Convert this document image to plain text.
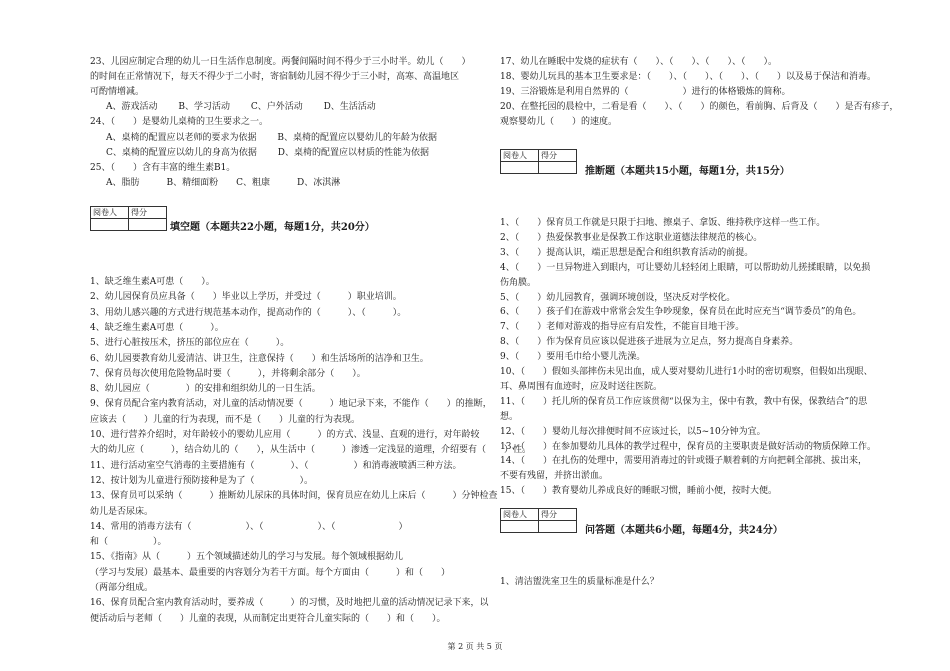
23、儿园应制定合理的幼儿一日生活作息制度。两餐间隔时间不得少于三小时半。幼儿（　　）
的时间在正常情况下，每天不得少于二小时，寄宿制幼儿园不得少于三小时，高寒、高温地区
可酌情增减。
A、游戏活动　　 B、学习活动　　 C、户外活动　　 D、生活活动
24、（　　）是婴幼儿桌椅的卫生要求之一。
A、桌椅的配置应以老师的要求为依据　　 B、桌椅的配置应以婴幼儿的年龄为依据
C、桌椅的配置应以幼儿的身高为依据　　 D、桌椅的配置应以材质的性能为依据
25、（　　）含有丰富的维生素B1。
A、脂肪　　　B、精细面粉　　C、粗康　　　D、冰淇淋
阅卷人	得分

填空题（本题共22小题，每题1分，共20分）
1、缺乏维生素A可患（　　）。
2、幼儿园保育员应具备（　　）毕业以上学历，并受过（　　　）职业培训。
3、用幼儿感兴趣的方式进行规范基本动作，提高动作的（　　　）、（　　　）。
4、缺乏维生素A可患（　　　）。
5、进行心脏按压术，挤压的部位应在（　　　）。
6、幼儿园要教育幼儿爱清洁、讲卫生，注意保持（　　）和生活场所的洁净和卫生。
7、保育员每次使用危险物品时要（　　　），并将剩余部分（　　）。
8、幼儿园应（　　　　）的安排和组织幼儿的一日生活。
9、保育员配合室内教育活动，对儿童的活动情况要（　　　）地记录下来，不能作（　　）的推断，
应该去（　　）儿童的行为表现，而不是（　　）儿童的行为表现。
10、进行营养介绍时，对年龄较小的婴幼儿应用（　　　）的方式、浅显、直观的进行，对年龄较
大的幼儿应（　　　），结合幼儿的（　　），从生活中（　　　）渗透一定浅显的道理，介绍要有（　　）性。
11、进行活动室空气消毒的主要措施有（　　　　）、（　　　　　）和消毒液喷洒三种方法。
12、按计划为儿童进行预防接种是为了（　　　　　）。
13、保育员可以采纳（　　　）推断幼儿尿床的具体时间，保育员应在幼儿上床后（　　　）分钟检查
幼儿是否尿床。
14、常用的消毒方法有（　　　　　　）、（　　　　　　）、（　　　　　　　）
和（　　　　　）。
15、《指南》从（　　　）五个领域描述幼儿的学习与发展。每个领域根据幼儿
（学习与发展）最基本、最重要的内容划分为若干方面。每个方面由（　　　）和（　　）
（两部分组成。
16、保育员配合室内教育活动时，要养成（　　　）的习惯，及时地把儿童的活动情况记录下来，以
便活动后与老师（　　）儿童的表现，从而制定出更符合儿童实际的（　　）和（　　）。
17、幼儿在睡眠中发烧的症状有（　　）、（　　）、（　　）、（　　）。
18、婴幼儿玩具的基本卫生要求是：（　　）、（　　）、（　　）、（　　）以及易于保洁和消毒。
19、三浴锻炼是利用自然界的（　　　　　　）进行的体格锻炼的简称。
20、在整托园的晨检中，二看是看（　　）、（　　）的颜色，看前胸、后背及（　　）是否有疹子，
观察婴幼儿（　　）的速度。
阅卷人	得分

推断题（本题共15小题，每题1分，共15分）
1、（　　）保育员工作就是只限于扫地、擦桌子、拿饭、维持秩序这样一些工作。
2、（　　）热爱保教事业是保教工作这职业道德法律规范的核心。
3、（　　）提高认识，端正思想是配合和组织教育活动的前提。
4、（　　）一旦异物进入到眼内，可让婴幼儿轻轻闭上眼睛，可以帮助幼儿搓揉眼睛，以免损
伤角膜。
5、（　　）幼儿园教育，强调环境创设，坚决反对学校化。
6、（　　）孩子们在游戏中常常会发生争吵现象，保育员在此时应充当“调节委员”的角色。
7、（　　）老师对游戏的指导应有启发性，不能盲目地干涉。
8、（　　）作为保育员应该以促进孩子进展为立足点，努力提高自身素养。
9、（　　）要用毛巾给小婴儿洗澡。
10、（　　）假如头部摔伤未见出血，成人要对婴幼儿进行1小时的密切观察，但假如出现眼、
耳、鼻周围有血迹时，应及时送往医院。
11、（　　）托儿所的保育员工作应该贯彻“以保为主，保中有教，教中有保，保教结合”的思
想。
12、（　　）婴幼儿每次排便时间不应该过长，以5~10分钟为宜。
13、（　　）在参加婴幼儿具体的教学过程中，保育员的主要职责是做好活动的物质保障工作。
14、（　　）在扎伤的处理中，需要用消毒过的针或镊子顺着刺的方向把刺全部挑、拔出来，
不要有残留，并挤出淤血。
15、（　　）教育婴幼儿养成良好的睡眠习惯，睡前小便，按时大便。
阅卷人	得分

问答题（本题共6小题，每题4分，共24分）
1、清洁盥洗室卫生的质量标准是什么？
第 2 页 共 5 页
